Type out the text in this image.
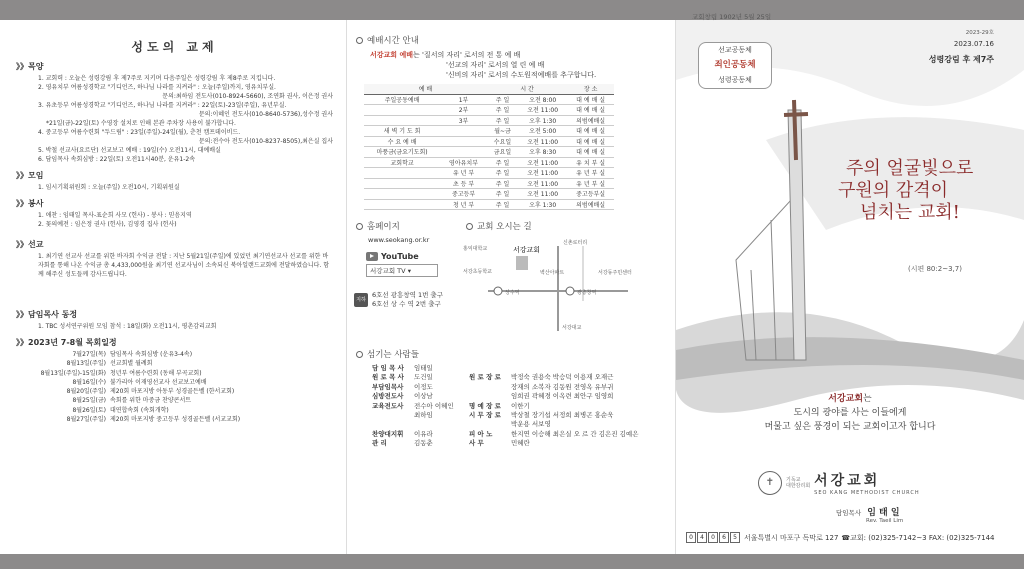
성도의 교제
》》목양
1. 교회력 : 오늘은 성령강림 후 제7주로 지키며 다음주일은 성령강림 후 제8주로 지킵니다.
2. 영유치부 여름성경학교 "기디언즈, 하나님 나라를 지켜라" : 오늘(주일)까지, 영유치부실.
문의:최하임 전도사(010-8924-5660), 조연화 권사, 이은정 권사
3. 유초등부 여름성경학교 "기디언즈, 하나님 나라를 지켜라" : 22일(토)-23일(주일), 유년부실.
문의:이혜인 전도사(010-8640-5736),성수정 권사
*21일(금)-22일(토) 수영장 설치로 인해 본관 주차장 사용이 불가합니다.
4. 중고등부 여름수련회 "두드림" : 23일(주일)-24일(월), 춘천 캠프데이비드.
문의:전수아 전도사(010-8237-8505),최은실 집사
5. 박철 선교사(요르단) 선교보고 예배 : 19일(수) 오전11시, 대예배실
6. 담임목사 속회심방 : 22일(토) 오전11시40분, 운유1-2속
》》모임
1. 임시기획위원회 : 오늘(주일) 오전10시, 기획위원실
》》봉사
1. 애찬 : 임태일 목사-표순희 사모 (헌사) - 봉사 : 믿음지역
2. 꽃의예전 : 임은정 권사 (헌사), 김영경 집사 (헌사)
》》선교
1. 최기연 선교사 선교를 위한 바자회 수익금 전달 : 지난 5월21일(주일)에 있었던 최기연선교사 선교를 위한 바자회를 통해 나온 수익금 총 4,433,000원을 최기연 선교사님이 소속되신 북아일랜드교회에 전달하였습니다. 함께 해주신 성도들께 감사드립니다.
》》담임목사 동정
1. TBC 성서연구위원 모임 참석 : 18일(화) 오전11시, 평촌감리교회
》》2023년 7-8월 목회일정
7월27일(목) 담임목사 속회심방 (운유3-4속)
8월13일(주일) 선교회별 월례회
8월13일(주일)-15일(화) 청년부 여름수련회 (동해 부곡교회)
8월16일(수) 불가리아 이재영선교사 선교보고예배
8월20일(주일) 제20회 마포지방 아동부 성경골든벨 (한서교회)
8월25일(금) 속회를 위한 마중금 찬양콘서트
8월26일(토) 대연합속회 (속회개학)
8월27일(주일) 제20회 마포지방 중고등부 성경골든벨 (서교교회)
예배시간 안내
서강교회 예배는 '질서의 자리' 로서의 전 통 예 배
'선교의 자리' 로서의 열 린 예 배
'신비의 자리' 로서의 수도원적예배를 추구합니다.
예 배		시 간		장 소
주일공동예배	1부	주 일	오전 8:00	대 예 배 실
	2부	주 일	오전 11:00	대 예 배 실
	3부	주 일	오후 1:30	의범예배실
새 벽 기 도 회		월~금	오전 5:00	대 예 배 실
수 요 예 배		수요일	오전 11:00	대 예 배 실
마풍금(금요기도회)		금요일	오후 8:30	대 예 배 실
교회학교	영아유치부	주 일	오전 11:00	유 치 부 실
	유 년 부	주 일	오전 11:00	유 년 부 실
	초 등 부	주 일	오전 11:00	유 년 부 실
	중고등부	주 일	오전 11:00	중고등부실
	청 년 부	주 일	오후 1:30	의범예배실
홈페이지
www.seokang.or.kr
YouTube
서강교회 TV ▾
지하철
6호선 광흥창역 1번 출구
6호선 상 수 역 2번 출구
교회 오시는 길
서강교회
홍익대학교
서강초등학교	벽산아파트	서강동주민센터
신촌로터리
상수역	광흥창역
서강대교
섬기는 사람들
담 임 목 사	임태일
원 로 목 사	도건일	원 로 장 로	박정숙 권용숙 박승덕 이용재 오재근
부담임목사	이정도	장재의 소복자 김동원 전영옥 유부귀
심방전도사	이상남	임희권 곽혜경 이옥련 최안구 임영희
교육전도사	전수아 이혜인	명 예 장 로	이한기
최하임	시 무 장 로	박상철 장기섭 서정희 최병곤 홍순욱
박운용 서보영
찬양대지휘	이유라	피 아 노	한지연 이승해 최은실 오 르 간 김은진 김예은
관 리	김동춘	사 무	민혜란
교회창립 1902년 5월 25일
2023-29호
2023.07.16
성령강림 후 제7주
선교공동체
죄인공동체
성령공동체
주의 얼굴빛으로
구원의 감격이
넘치는 교회!
(시편 80:2~3,7)
서강교회는
도시의 광야를 사는 이들에게
머물고 싶은 풍경이 되는 교회이고자 합니다
✝	기독교
대한감리회 서강교회
SEO KANG METHODIST CHURCH
담임목사 임 태 일
Rev. Taeil Lim
0 4 0 6 5	서울특별시 마포구 독막로 127 ☎교회: (02)325-7142~3 FAX: (02)325-7144
